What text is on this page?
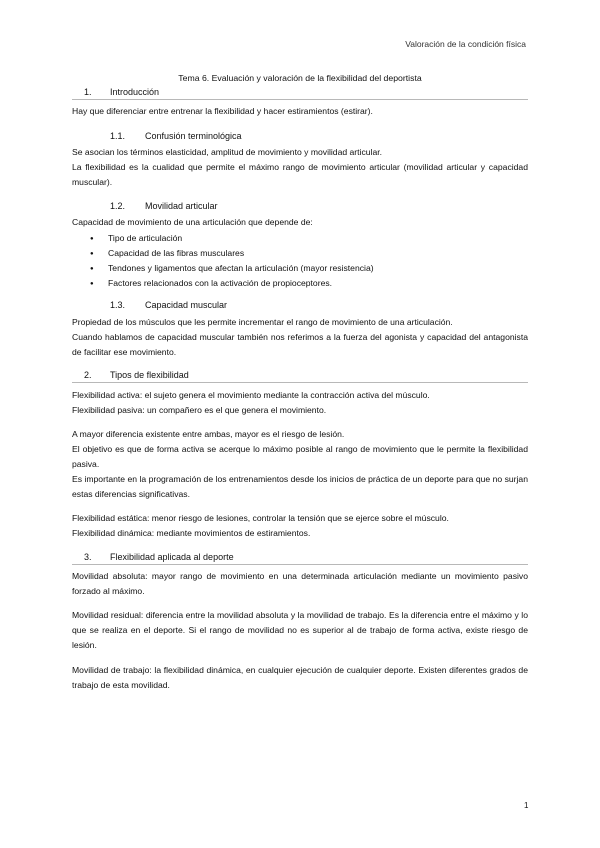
Valoración de la condición física
Tema 6. Evaluación y valoración de la flexibilidad del deportista
1. Introducción
Hay que diferenciar entre entrenar la flexibilidad y hacer estiramientos (estirar).
1.1. Confusión terminológica
Se asocian los términos elasticidad, amplitud de movimiento y movilidad articular.
La flexibilidad es la cualidad que permite el máximo rango de movimiento articular (movilidad articular y capacidad muscular).
1.2. Movilidad articular
Capacidad de movimiento de una articulación que depende de:
● Tipo de articulación
● Capacidad de las fibras musculares
● Tendones y ligamentos que afectan la articulación (mayor resistencia)
● Factores relacionados con la activación de propioceptores.
1.3. Capacidad muscular
Propiedad de los músculos que les permite incrementar el rango de movimiento de una articulación.
Cuando hablamos de capacidad muscular también nos referimos a la fuerza del agonista y capacidad del antagonista de facilitar ese movimiento.
2. Tipos de flexibilidad
Flexibilidad activa: el sujeto genera el movimiento mediante la contracción activa del músculo.
Flexibilidad pasiva: un compañero es el que genera el movimiento.
A mayor diferencia existente entre ambas, mayor es el riesgo de lesión.
El objetivo es que de forma activa se acerque lo máximo posible al rango de movimiento que le permite la flexibilidad pasiva.
Es importante en la programación de los entrenamientos desde los inicios de práctica de un deporte para que no surjan estas diferencias significativas.
Flexibilidad estática: menor riesgo de lesiones, controlar la tensión que se ejerce sobre el músculo.
Flexibilidad dinámica: mediante movimientos de estiramientos.
3. Flexibilidad aplicada al deporte
Movilidad absoluta: mayor rango de movimiento en una determinada articulación mediante un movimiento pasivo forzado al máximo.
Movilidad residual: diferencia entre la movilidad absoluta y la movilidad de trabajo. Es la diferencia entre el máximo y lo que se realiza en el deporte. Si el rango de movilidad no es superior al de trabajo de forma activa, existe riesgo de lesión.
Movilidad de trabajo: la flexibilidad dinámica, en cualquier ejecución de cualquier deporte. Existen diferentes grados de trabajo de esta movilidad.
1
